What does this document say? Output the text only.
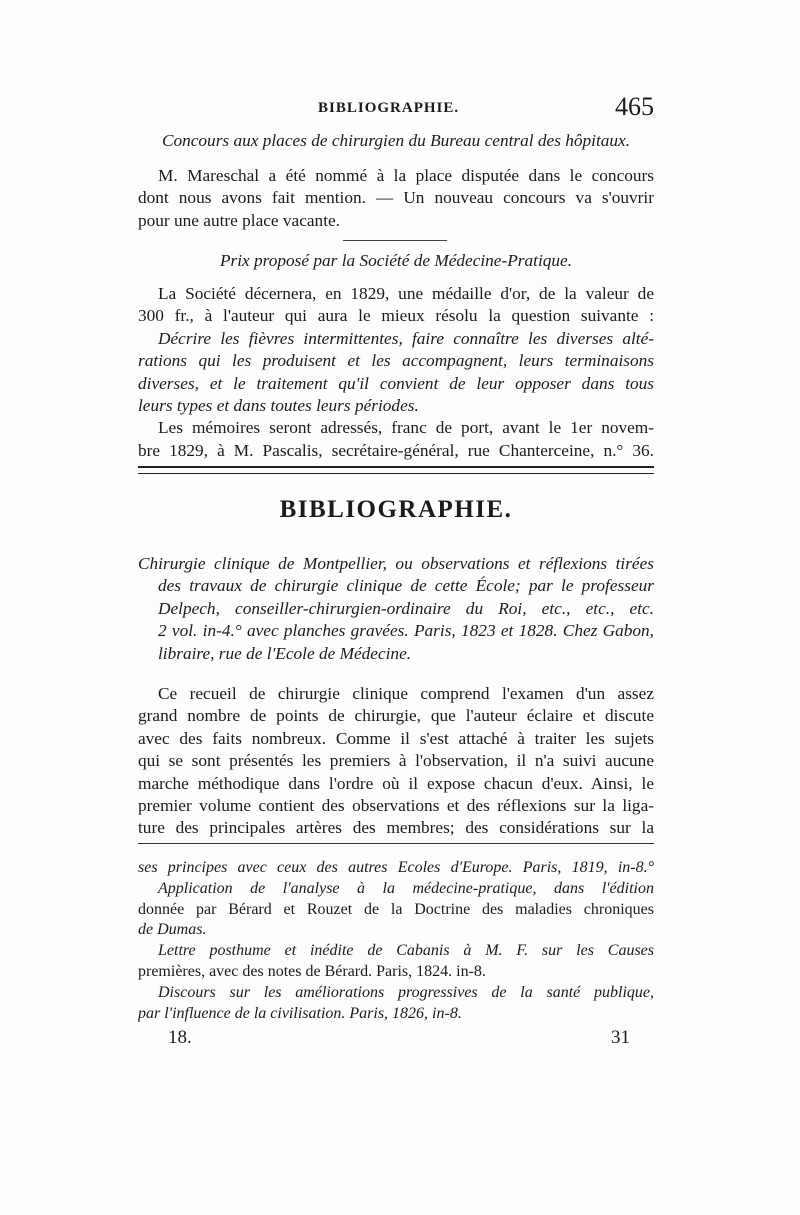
BIBLIOGRAPHIE.	465
Concours aux places de chirurgien du Bureau central des hôpitaux.
M. Mareschal a été nommé à la place disputée dans le concours
dont nous avons fait mention. — Un nouveau concours va s'ouvrir
pour une autre place vacante.
Prix proposé par la Société de Médecine-Pratique.
La Société décernera, en 1829, une médaille d'or, de la valeur de
300 fr., à l'auteur qui aura le mieux résolu la question suivante :
Décrire les fièvres intermittentes, faire connaître les diverses alté-
rations qui les produisent et les accompagnent, leurs terminaisons
diverses, et le traitement qu'il convient de leur opposer dans tous
leurs types et dans toutes leurs périodes.
Les mémoires seront adressés, franc de port, avant le 1er novem-
bre 1829, à M. Pascalis, secrétaire-général, rue Chanterceine, n.° 36.
BIBLIOGRAPHIE.
Chirurgie clinique de Montpellier, ou observations et réflexions tirées
des travaux de chirurgie clinique de cette École; par le professeur
Delpech, conseiller-chirurgien-ordinaire du Roi, etc., etc., etc.
2 vol. in-4.° avec planches gravées. Paris, 1823 et 1828. Chez Gabon,
libraire, rue de l'Ecole de Médecine.
Ce recueil de chirurgie clinique comprend l'examen d'un assez
grand nombre de points de chirurgie, que l'auteur éclaire et discute
avec des faits nombreux. Comme il s'est attaché à traiter les sujets
qui se sont présentés les premiers à l'observation, il n'a suivi aucune
marche méthodique dans l'ordre où il expose chacun d'eux. Ainsi, le
premier volume contient des observations et des réflexions sur la liga-
ture des principales artères des membres; des considérations sur la
ses principes avec ceux des autres Ecoles d'Europe. Paris, 1819, in-8.°
Application de l'analyse à la médecine-pratique, dans l'édition
donnée par Bérard et Rouzet de la Doctrine des maladies chroniques
de Dumas.
Lettre posthume et inédite de Cabanis à M. F. sur les Causes
premières, avec des notes de Bérard. Paris, 1824. in-8.
Discours sur les améliorations progressives de la santé publique,
par l'influence de la civilisation. Paris, 1826, in-8.
18.	31
